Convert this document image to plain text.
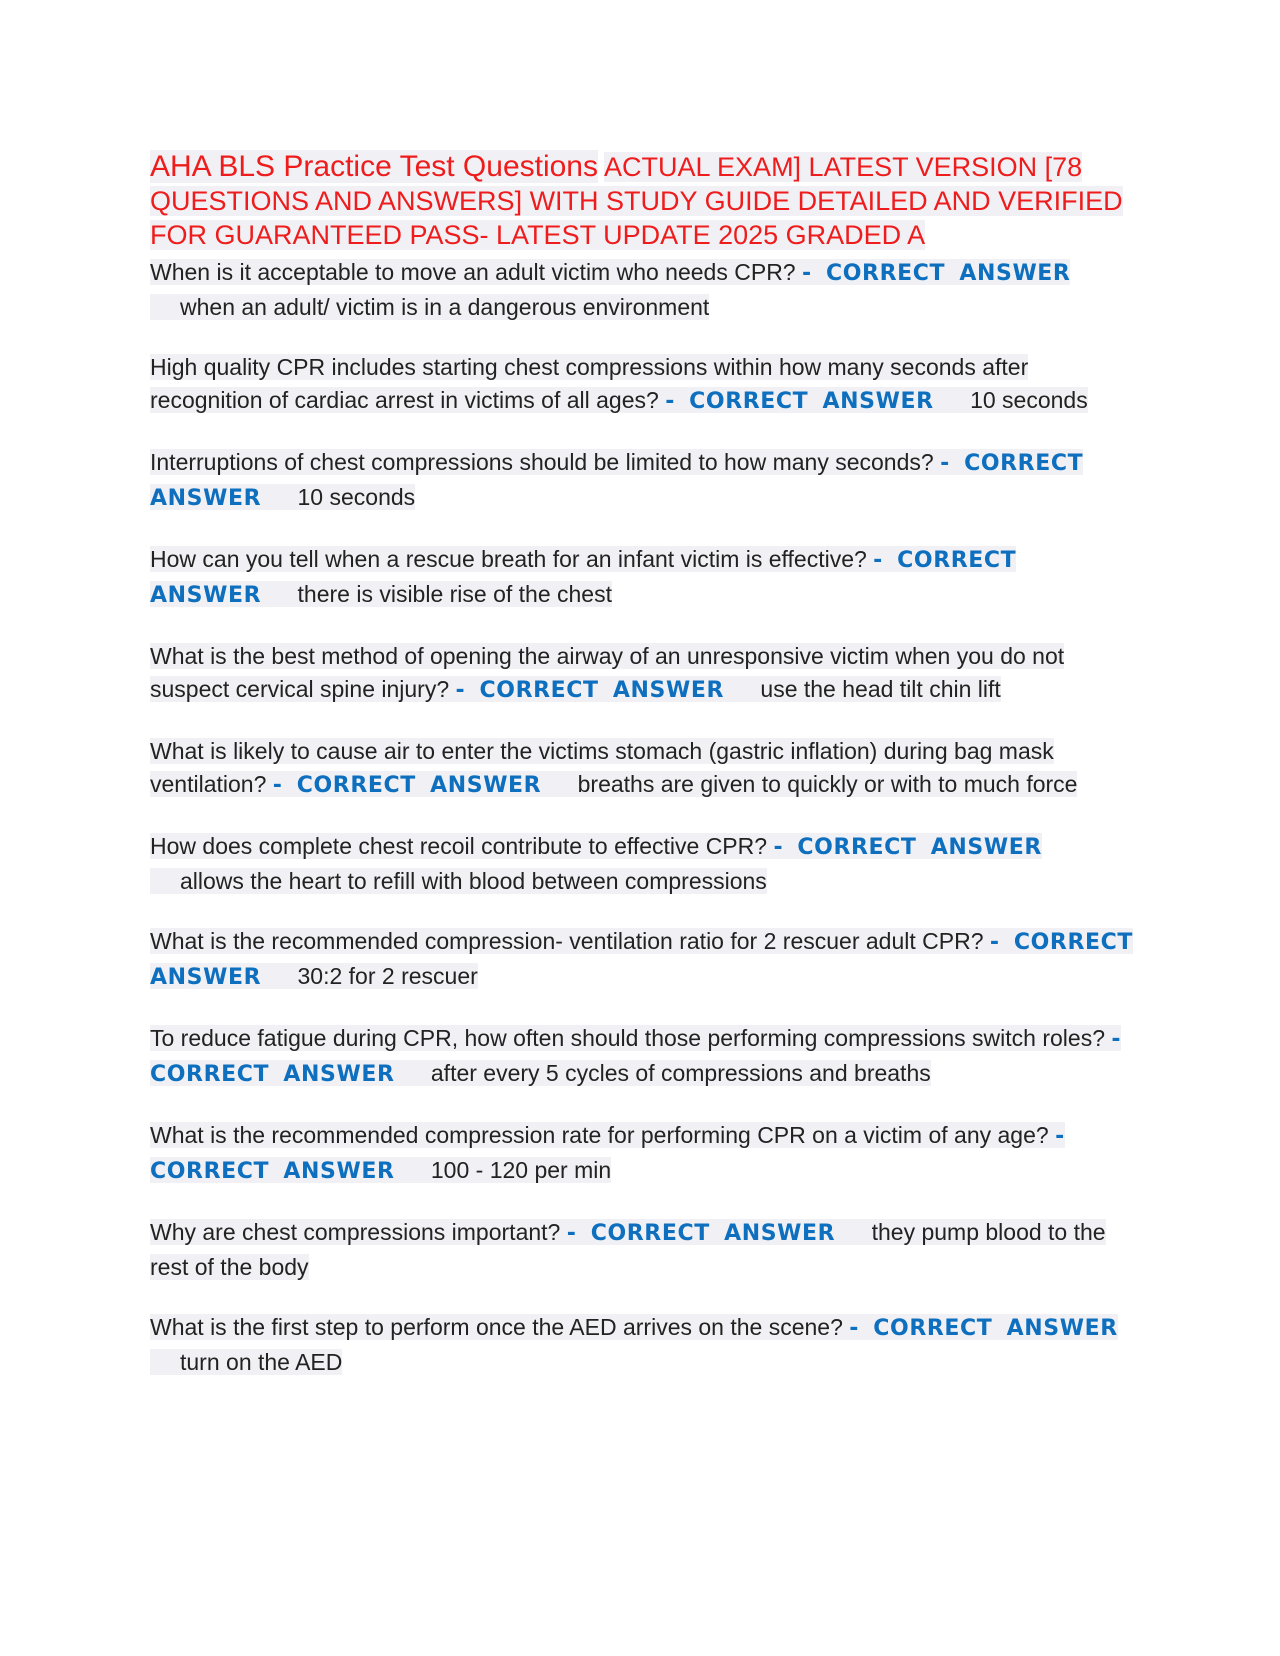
AHA BLS Practice Test Questions ACTUAL EXAM] LATEST VERSION [78 QUESTIONS AND ANSWERS] WITH STUDY GUIDE DETAILED AND VERIFIED FOR GUARANTEED PASS- LATEST UPDATE 2025 GRADED A

When is it acceptable to move an adult victim who needs CPR? - CORRECT ANSWER when an adult/ victim is in a dangerous environment

High quality CPR includes starting chest compressions within how many seconds after recognition of cardiac arrest in victims of all ages? - CORRECT ANSWER 10 seconds

Interruptions of chest compressions should be limited to how many seconds? - CORRECT ANSWER 10 seconds

How can you tell when a rescue breath for an infant victim is effective? - CORRECT ANSWER there is visible rise of the chest

What is the best method of opening the airway of an unresponsive victim when you do not suspect cervical spine injury? - CORRECT ANSWER use the head tilt chin lift

What is likely to cause air to enter the victims stomach (gastric inflation) during bag mask ventilation? - CORRECT ANSWER breaths are given to quickly or with to much force

How does complete chest recoil contribute to effective CPR? - CORRECT ANSWER allows the heart to refill with blood between compressions

What is the recommended compression- ventilation ratio for 2 rescuer adult CPR? - CORRECT ANSWER 30:2 for 2 rescuer

To reduce fatigue during CPR, how often should those performing compressions switch roles? - CORRECT ANSWER after every 5 cycles of compressions and breaths

What is the recommended compression rate for performing CPR on a victim of any age? - CORRECT ANSWER 100 - 120 per min

Why are chest compressions important? - CORRECT ANSWER they pump blood to the rest of the body

What is the first step to perform once the AED arrives on the scene? - CORRECT ANSWER turn on the AED
